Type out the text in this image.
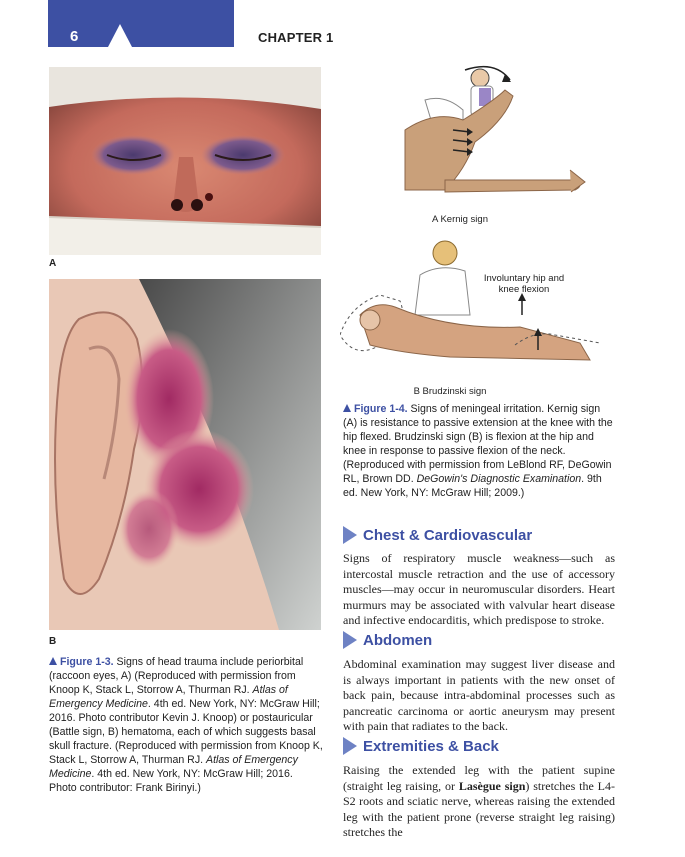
6	CHAPTER 1
A
B
Figure 1-3. Signs of head trauma include periorbital (raccoon eyes, A) (Reproduced with permission from Knoop K, Stack L, Storrow A, Thurman RJ. Atlas of Emergency Medicine. 4th ed. New York, NY: McGraw Hill; 2016. Photo contributor Kevin J. Knoop) or postauricular (Battle sign, B) hematoma, each of which suggests basal skull fracture. (Reproduced with permission from Knoop K, Stack L, Storrow A, Thurman RJ. Atlas of Emergency Medicine. 4th ed. New York, NY: McGraw Hill; 2016. Photo contributor: Frank Birinyi.)
A Kernig sign
Involuntary hip and knee flexion
B Brudzinski sign
Figure 1-4. Signs of meningeal irritation. Kernig sign (A) is resistance to passive extension at the knee with the hip flexed. Brudzinski sign (B) is flexion at the hip and knee in response to passive flexion of the neck. (Reproduced with permission from LeBlond RF, DeGowin RL, Brown DD. DeGowin's Diagnostic Examination. 9th ed. New York, NY: McGraw Hill; 2009.)
Chest & Cardiovascular
Signs of respiratory muscle weakness—such as intercostal muscle retraction and the use of accessory muscles—may occur in neuromuscular disorders. Heart murmurs may be associated with valvular heart disease and infective endocarditis, which predispose to stroke.
Abdomen
Abdominal examination may suggest liver disease and is always important in patients with the new onset of back pain, because intra-abdominal processes such as pancreatic carcinoma or aortic aneurysm may present with pain that radiates to the back.
Extremities & Back
Raising the extended leg with the patient supine (straight leg raising, or Lasègue sign) stretches the L4-S2 roots and sciatic nerve, whereas raising the extended leg with the patient prone (reverse straight leg raising) stretches the
